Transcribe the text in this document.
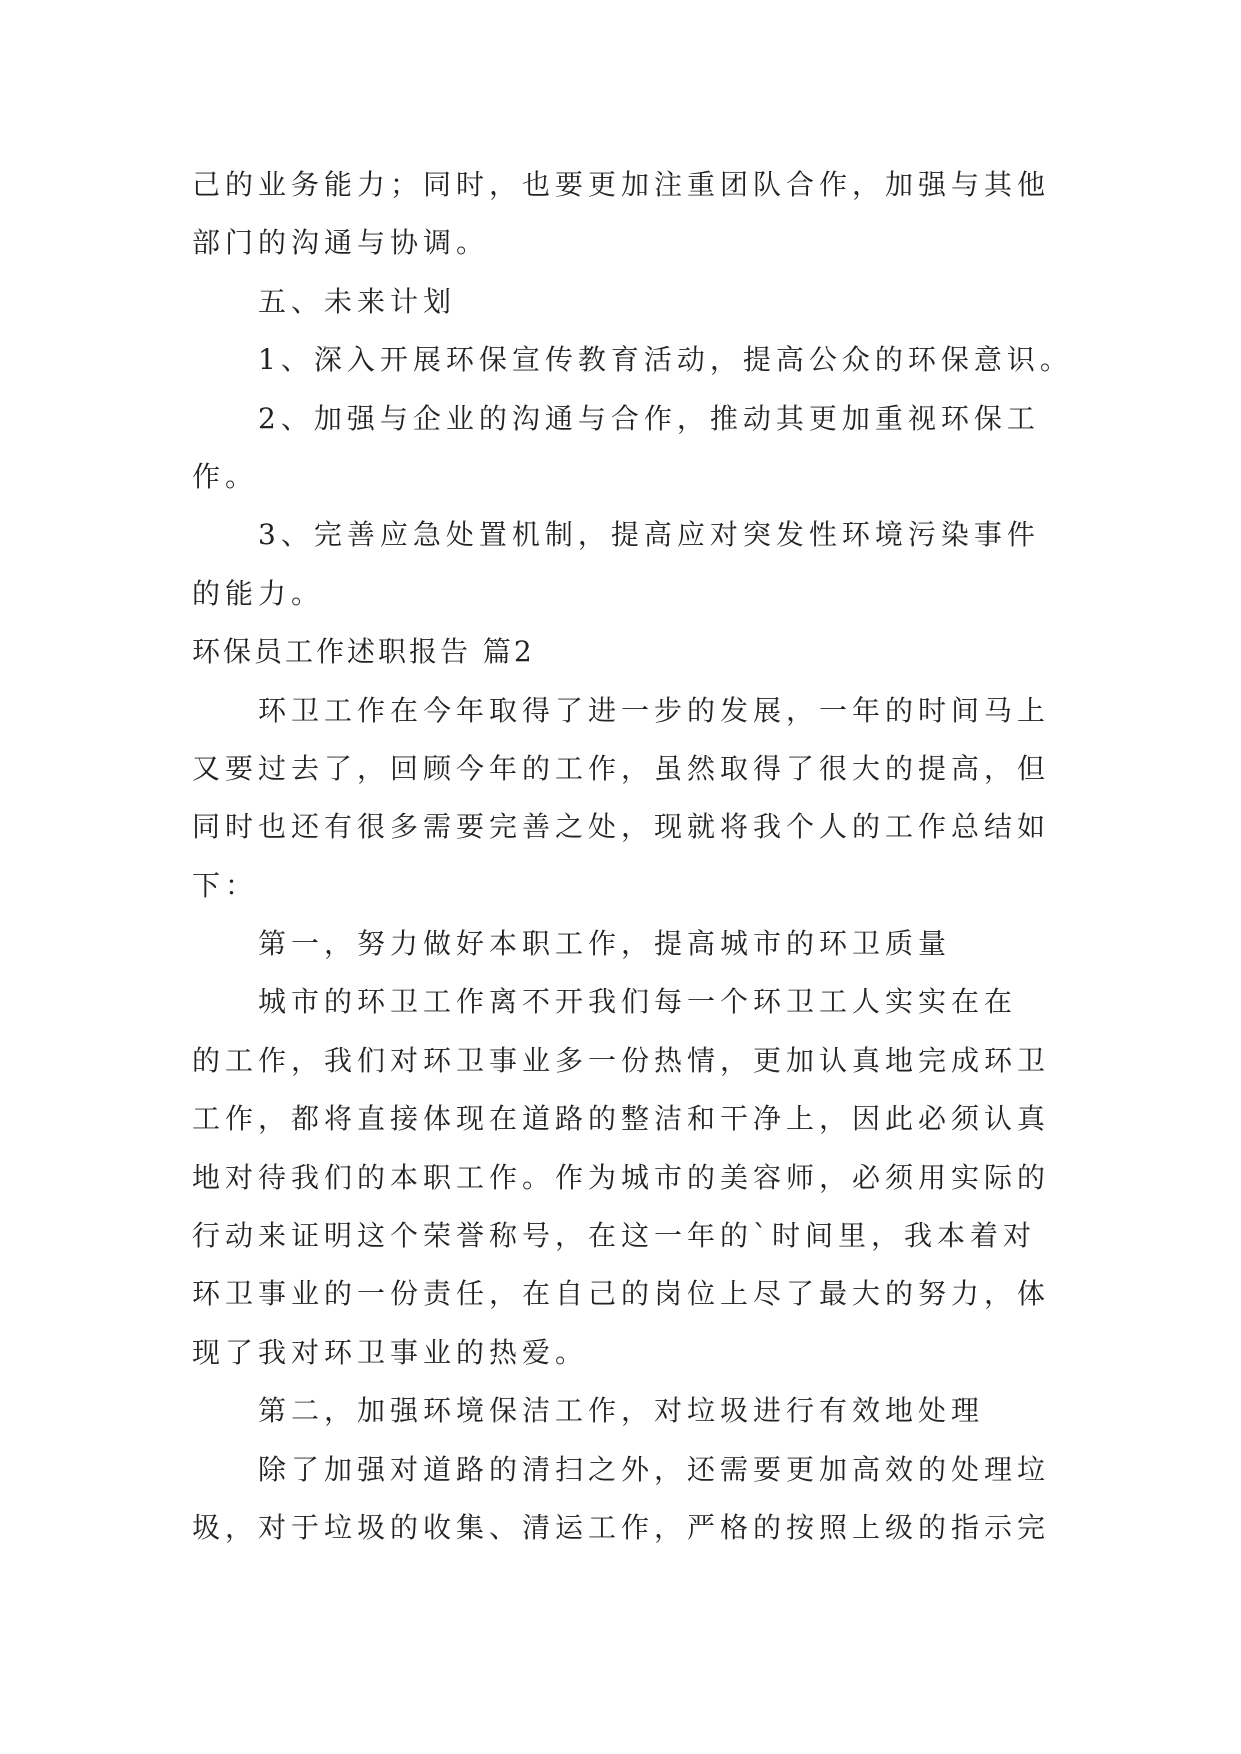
己的业务能力；同时，也要更加注重团队合作，加强与其他
部门的沟通与协调。
五、未来计划
1、深入开展环保宣传教育活动，提高公众的环保意识。
2、加强与企业的沟通与合作，推动其更加重视环保工
作。
3、完善应急处置机制，提高应对突发性环境污染事件
的能力。
环保员工作述职报告 篇2
环卫工作在今年取得了进一步的发展，一年的时间马上
又要过去了，回顾今年的工作，虽然取得了很大的提高，但
同时也还有很多需要完善之处，现就将我个人的工作总结如
下：
第一，努力做好本职工作，提高城市的环卫质量
城市的环卫工作离不开我们每一个环卫工人实实在在
的工作，我们对环卫事业多一份热情，更加认真地完成环卫
工作，都将直接体现在道路的整洁和干净上，因此必须认真
地对待我们的本职工作。作为城市的美容师，必须用实际的
行动来证明这个荣誉称号，在这一年的`时间里，我本着对
环卫事业的一份责任，在自己的岗位上尽了最大的努力，体
现了我对环卫事业的热爱。
第二，加强环境保洁工作，对垃圾进行有效地处理
除了加强对道路的清扫之外，还需要更加高效的处理垃
圾，对于垃圾的收集、清运工作，严格的按照上级的指示完
